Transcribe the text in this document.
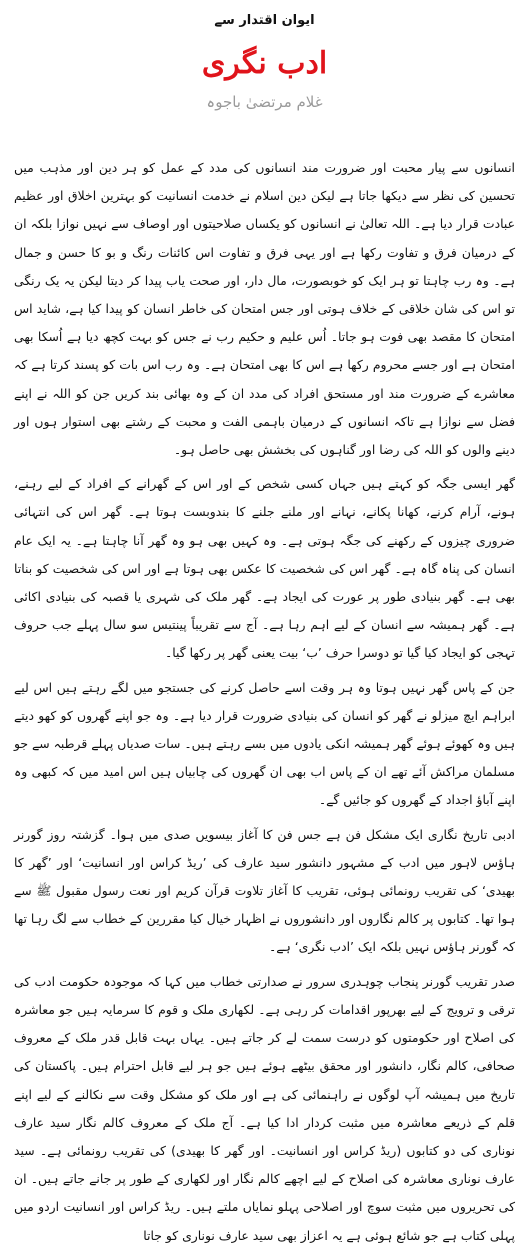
ایوان اقتدار سے
ادب نگری
غلام مرتضیٰ باجوہ

انسانوں سے پیار محبت اور ضرورت مند انسانوں کی مدد کے عمل کو ہر دین اور مذہب میں تحسین کی نظر سے دیکھا جاتا ہے لیکن دین اسلام نے خدمت انسانیت کو بہترین اخلاق اور عظیم عبادت قرار دیا ہے۔ اللہ تعالیٰ نے انسانوں کو یکساں صلاحیتوں اور اوصاف سے نہیں نوازا بلکہ ان کے درمیان فرق و تفاوت رکھا ہے اور یہی فرق و تفاوت اس کائنات رنگ و بو کا حسن و جمال ہے۔ وہ رب چاہتا تو ہر ایک کو خوبصورت، مال دار، اور صحت یاب پیدا کر دیتا لیکن یہ یک رنگی تو اس کی شان خلاقی کے خلاف ہوتی اور جس امتحان کی خاطر انسان کو پیدا کیا ہے، شاید اس امتحان کا مقصد بھی فوت ہو جاتا۔ اُس علیم و حکیم رب نے جس کو بہت کچھ دیا ہے اُسکا بھی امتحان ہے اور جسے محروم رکھا ہے اس کا بھی امتحان ہے۔ وہ رب اس بات کو پسند کرتا ہے کہ معاشرے کے ضرورت مند اور مستحق افراد کی مدد ان کے وہ بھائی بند کریں جن کو اللہ نے اپنے فضل سے نوازا ہے تاکہ انسانوں کے درمیان باہمی الفت و محبت کے رشتے بھی استوار ہوں اور دینے والوں کو اللہ کی رضا اور گناہوں کی بخشش بھی حاصل ہو۔

گھر ایسی جگہ کو کہتے ہیں جہاں کسی شخص کے اور اس کے گھرانے کے افراد کے لیے رہنے، ہونے، آرام کرنے، کھانا پکانے، نہانے اور ملنے جلنے کا بندوبست ہوتا ہے۔ گھر اس کی انتہائی ضروری چیزوں کے رکھنے کی جگہ ہوتی ہے۔ وہ کہیں بھی ہو وہ گھر آنا چاہتا ہے۔ یہ ایک عام انسان کی پناہ گاہ ہے۔ گھر اس کی شخصیت کا عکس بھی ہوتا ہے اور اس کی شخصیت کو بناتا بھی ہے۔ گھر بنیادی طور پر عورت کی ایجاد ہے۔ گھر ملک کی شہری یا قصبہ کی بنیادی اکائی ہے۔ گھر ہمیشہ سے انسان کے لیے اہم رہا ہے۔ آج سے تقریباً پینتیس سو سال پہلے جب حروف تہجی کو ایجاد کیا گیا تو دوسرا حرف ’ب‘ بیت یعنی گھر پر رکھا گیا۔

جن کے پاس گھر نہیں ہوتا وہ ہر وقت اسے حاصل کرنے کی جستجو میں لگے رہتے ہیں اس لیے ابراہم ایچ میزلو نے گھر کو انسان کی بنیادی ضرورت قرار دیا ہے۔ وہ جو اپنے گھروں کو کھو دیتے ہیں وہ کھوئے ہوئے گھر ہمیشہ انکی یادوں میں بسے رہتے ہیں۔ سات صدیاں پہلے قرطبہ سے جو مسلمان مراکش آئے تھے ان کے پاس اب بھی ان گھروں کی چابیاں ہیں اس امید میں کہ کبھی وہ اپنے آباؤ اجداد کے گھروں کو جائیں گے۔

ادبی تاریخ نگاری ایک مشکل فن ہے جس فن کا آغاز بیسویں صدی میں ہوا۔ گزشتہ روز گورنر ہاؤس لاہور میں ادب کے مشہور دانشور سید عارف کی ’ریڈ کراس اور انسانیت‘ اور ’گھر کا بھیدی‘ کی تقریب رونمائی ہوئی، تقریب کا آغاز تلاوت قرآن کریم اور نعت رسول مقبول ﷺ سے ہوا تھا۔ کتابوں پر کالم نگاروں اور دانشوروں نے اظہار خیال کیا مقررین کے خطاب سے لگ رہا تھا کہ گورنر ہاؤس نہیں بلکہ ایک ’ادب نگری‘ ہے۔

صدر تقریب گورنر پنجاب چوہدری سرور نے صدارتی خطاب میں کہا کہ موجودہ حکومت ادب کی ترقی و ترویج کے لیے بھرپور اقدامات کر رہی ہے۔ لکھاری ملک و قوم کا سرمایہ ہیں جو معاشرہ کی اصلاح اور حکومتوں کو درست سمت لے کر جاتے ہیں۔ یہاں بہت قابل قدر ملک کے معروف صحافی، کالم نگار، دانشور اور محقق بیٹھے ہوئے ہیں جو ہر لیے قابل احترام ہیں۔ پاکستان کی تاریخ میں ہمیشہ آپ لوگوں نے راہنمائی کی ہے اور ملک کو مشکل وقت سے نکالنے کے لیے اپنے قلم کے ذریعے معاشرہ میں مثبت کردار ادا کیا ہے۔ آج ملک کے معروف کالم نگار سید عارف نوناری کی دو کتابوں (ریڈ کراس اور انسانیت۔ اور گھر کا بھیدی) کی تقریب رونمائی ہے۔ سید عارف نوناری معاشرہ کی اصلاح کے لیے اچھے کالم نگار اور لکھاری کے طور پر جانے جاتے ہیں۔ ان کی تحریروں میں مثبت سوچ اور اصلاحی پہلو نمایاں ملتے ہیں۔ ریڈ کراس اور انسانیت اردو میں پہلی کتاب ہے جو شائع ہوئی ہے یہ اعزاز بھی سید عارف نوناری کو جاتا
